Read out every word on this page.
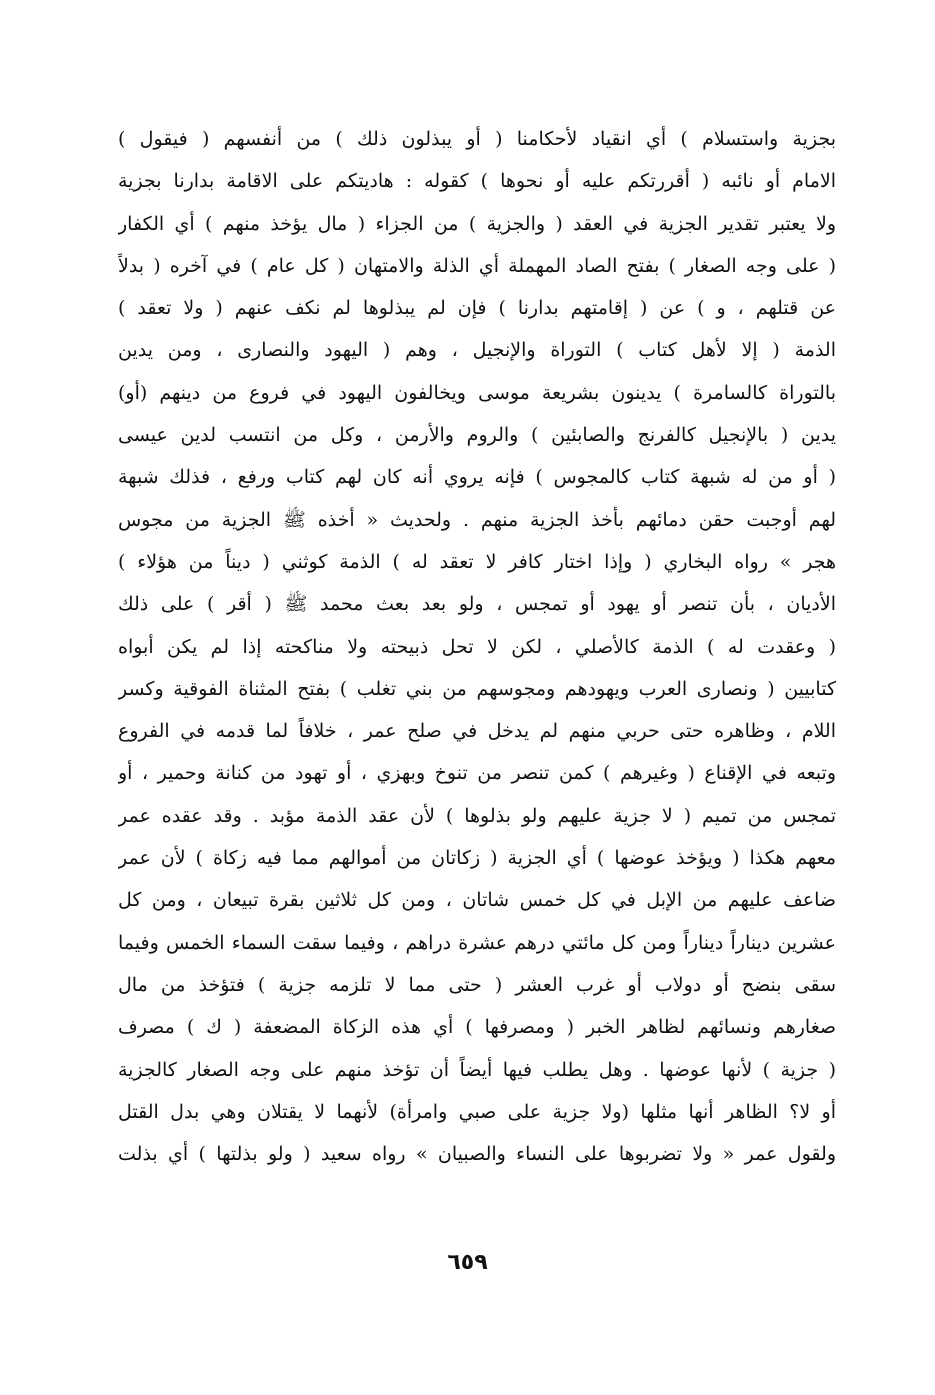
بجزية واستسلام ) أي انقياد لأحكامنا ( أو يبذلون ذلك ) من أنفسهم ( فيقول )
الامام أو نائبه ( أقررتكم عليه أو نحوها ) كقوله : هاديتكم على الاقامة بدارنا بجزية
ولا يعتبر تقدير الجزية في العقد ( والجزية ) من الجزاء ( مال يؤخذ منهم ) أي الكفار
( على وجه الصغار ) بفتح الصاد المهملة أي الذلة والامتهان ( كل عام ) في آخره ( بدلاً
عن قتلهم ، و ) عن ( إقامتهم بدارنا ) فإن لم يبذلوها لم نكف عنهم ( ولا تعقد )
الذمة ( إلا لأهل كتاب ) التوراة والإنجيل ، وهم ( اليهود والنصارى ، ومن يدين
بالتوراة كالسامرة ) يدينون بشريعة موسى ويخالفون اليهود في فروع من دينهم (أو)
يدين ( بالإنجيل كالفرنج والصابئين ) والروم والأرمن ، وكل من انتسب لدين عيسى
( أو من له شبهة كتاب كالمجوس ) فإنه يروي أنه كان لهم كتاب ورفع ، فذلك شبهة
لهم أوجبت حقن دمائهم بأخذ الجزية منهم . ولحديث « أخذه ﷺ الجزية من مجوس
هجر » رواه البخاري ( وإذا اختار كافر لا تعقد له ) الذمة كوثني ( ديناً من هؤلاء )
الأديان ، بأن تنصر أو يهود أو تمجس ، ولو بعد بعث محمد ﷺ ( أقر ) على ذلك
( وعقدت له ) الذمة كالأصلي ، لكن لا تحل ذبيحته ولا مناكحته إذا لم يكن أبواه
كتابيين ( ونصارى العرب ويهودهم ومجوسهم من بني تغلب ) بفتح المثناة الفوقية وكسر
اللام ، وظاهره حتى حربي منهم لم يدخل في صلح عمر ، خلافاً لما قدمه في الفروع
وتبعه في الإقناع ( وغيرهم ) كمن تنصر من تنوخ وبهزي ، أو تهود من كنانة وحمير ، أو
تمجس من تميم ( لا جزية عليهم ولو بذلوها ) لأن عقد الذمة مؤبد . وقد عقده عمر
معهم هكذا ( ويؤخذ عوضها ) أي الجزية ( زكاتان من أموالهم مما فيه زكاة ) لأن عمر
ضاعف عليهم من الإبل في كل خمس شاتان ، ومن كل ثلاثين بقرة تبيعان ، ومن كل
عشرين ديناراً ديناراً ومن كل مائتي درهم عشرة دراهم ، وفيما سقت السماء الخمس وفيما
سقى بنضح أو دولاب أو غرب العشر ( حتى مما لا تلزمه جزية ) فتؤخذ من مال
صغارهم ونسائهم لظاهر الخبر ( ومصرفها ) أي هذه الزكاة المضعفة ( ك ) مصرف
( جزية ) لأنها عوضها . وهل يطلب فيها أيضاً أن تؤخذ منهم على وجه الصغار كالجزية
أو لا؟ الظاهر أنها مثلها (ولا جزية على صبي وامرأة) لأنهما لا يقتلان وهي بدل القتل
ولقول عمر « ولا تضربوها على النساء والصبيان » رواه سعيد ( ولو بذلتها ) أي بذلت
٦٥٩
